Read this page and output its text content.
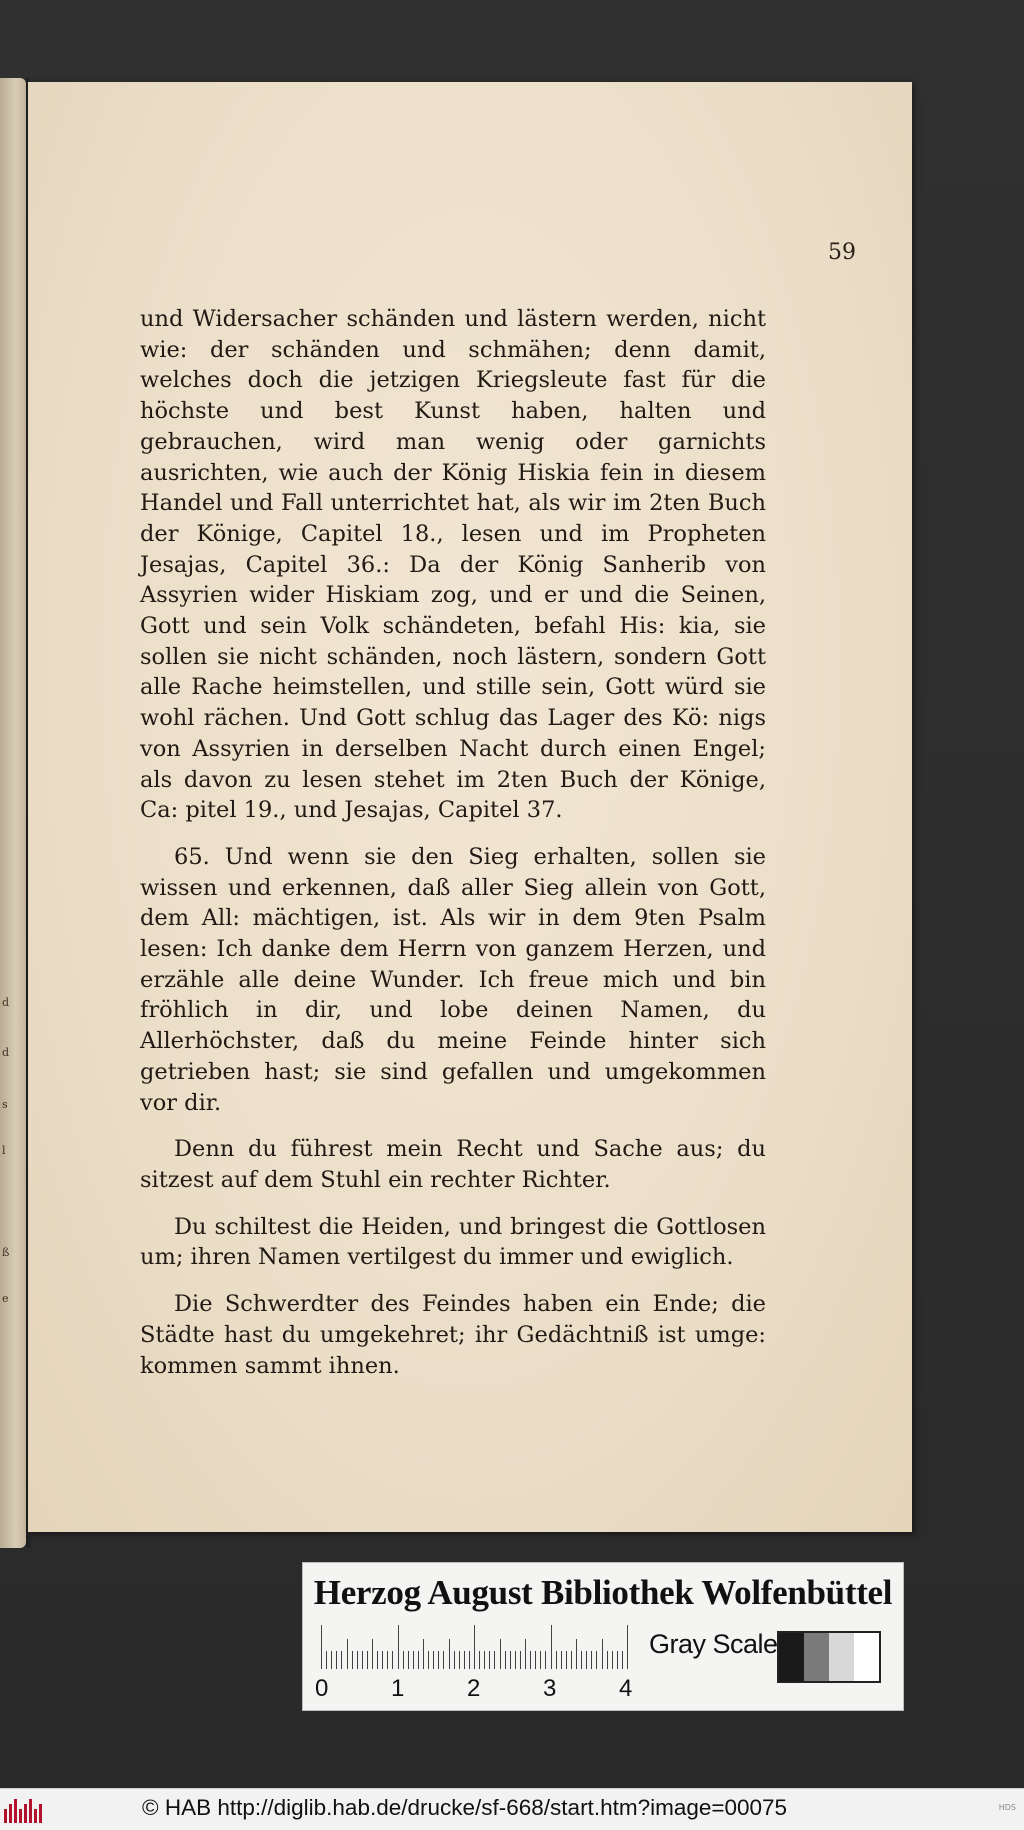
d
d
s
l
ß
e
59

und Widersacher schänden und lästern werden, nicht wie: der schänden und schmähen; denn damit, welches doch die jetzigen Kriegsleute fast für die höchste und best Kunst haben, halten und gebrauchen, wird man wenig oder garnichts ausrichten, wie auch der König Hiskia fein in diesem Handel und Fall unterrichtet hat, als wir im 2ten Buch der Könige, Capitel 18., lesen und im Propheten Jesajas, Capitel 36.: Da der König Sanherib von Assyrien wider Hiskiam zog, und er und die Seinen, Gott und sein Volk schändeten, befahl His: kia, sie sollen sie nicht schänden, noch lästern, sondern Gott alle Rache heimstellen, und stille sein, Gott würd sie wohl rächen. Und Gott schlug das Lager des Kö: nigs von Assyrien in derselben Nacht durch einen Engel; als davon zu lesen stehet im 2ten Buch der Könige, Ca: pitel 19., und Jesajas, Capitel 37.

65. Und wenn sie den Sieg erhalten, sollen sie wissen und erkennen, daß aller Sieg allein von Gott, dem All: mächtigen, ist. Als wir in dem 9ten Psalm lesen: Ich danke dem Herrn von ganzem Herzen, und erzähle alle deine Wunder. Ich freue mich und bin fröhlich in dir, und lobe deinen Namen, du Allerhöchster, daß du meine Feinde hinter sich getrieben hast; sie sind gefallen und umgekommen vor dir.

Denn du führest mein Recht und Sache aus; du sitzest auf dem Stuhl ein rechter Richter.

Du schiltest die Heiden, und bringest die Gottlosen um; ihren Namen vertilgest du immer und ewiglich.

Die Schwerdter des Feindes haben ein Ende; die Städte hast du umgekehret; ihr Gedächtniß ist umge: kommen sammt ihnen.

Herzog August Bibliothek Wolfenbüttel
0	1	2	3	4
Gray Scale
© HAB http://diglib.hab.de/drucke/sf-668/start.htm?image=00075	HDS
